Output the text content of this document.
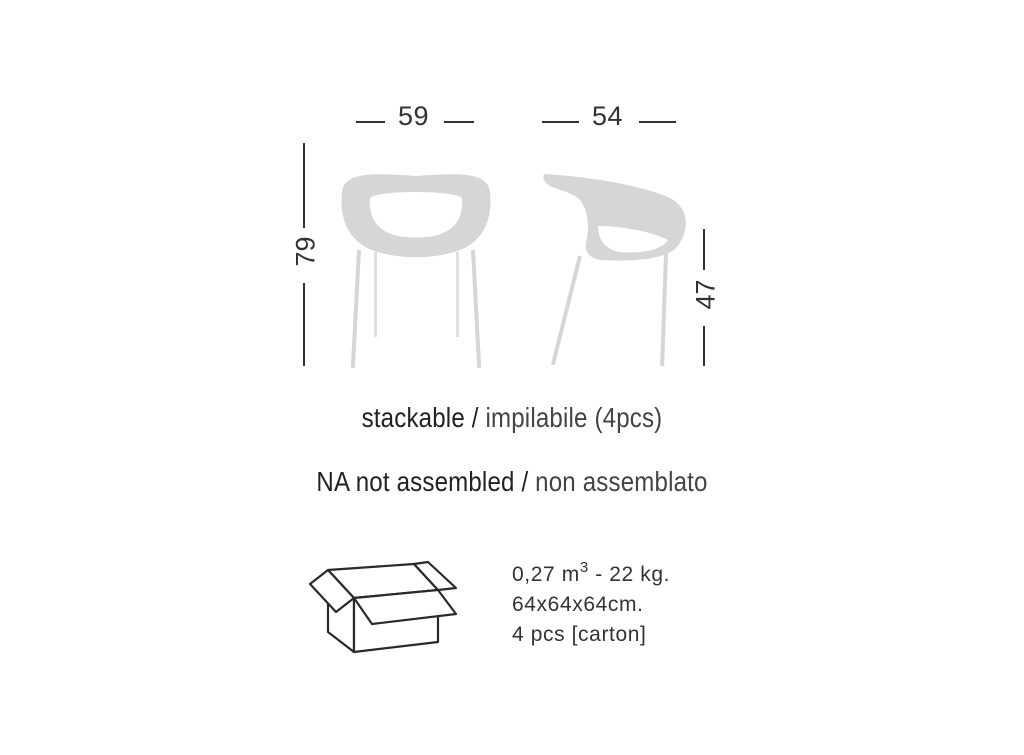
59	54
79
47
stackable / impilabile (4pcs)
NA not assembled / non assemblato
0,27 $m^3 - 22$ kg.
64x64x64cm.
4 pcs [carton]
